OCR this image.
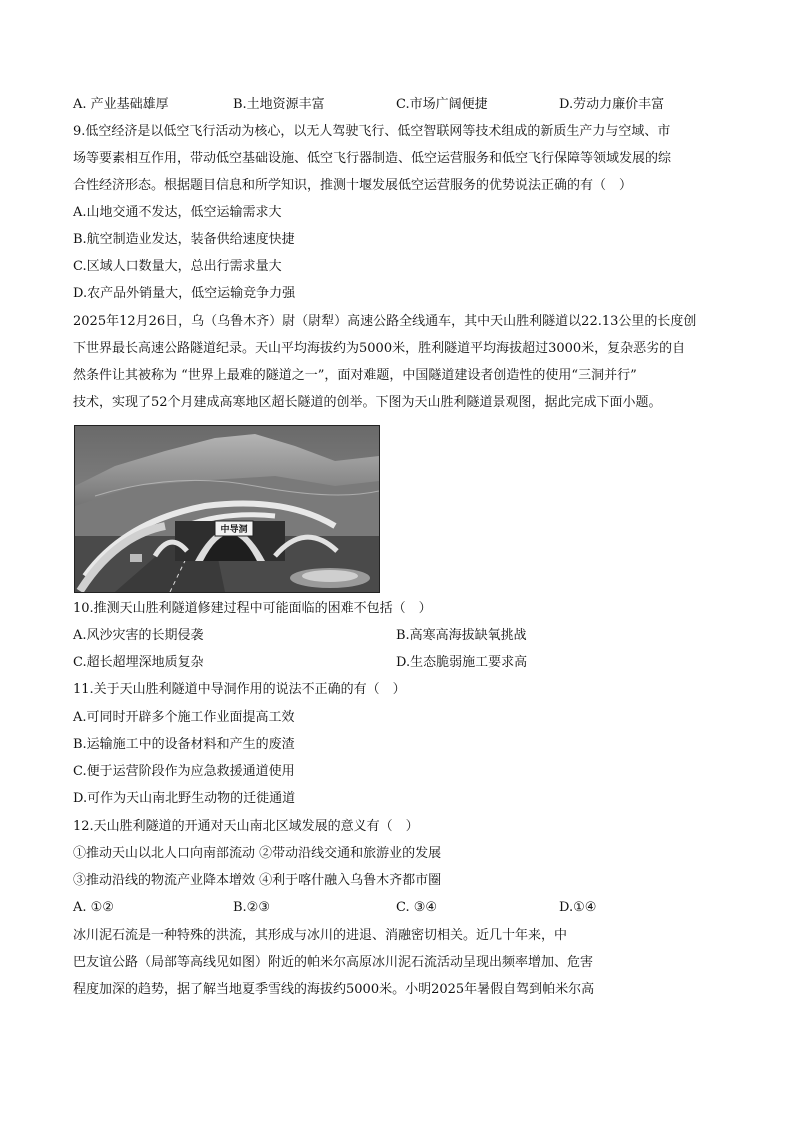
A. 产业基础雄厚	B.土地资源丰富	C.市场广阔便捷	D.劳动力廉价丰富
9.低空经济是以低空飞行活动为核心，以无人驾驶飞行、低空智联网等技术组成的新质生产力与空域、市
场等要素相互作用，带动低空基础设施、低空飞行器制造、低空运营服务和低空飞行保障等领域发展的综
合性经济形态。根据题目信息和所学知识，推测十堰发展低空运营服务的优势说法正确的有（　）
A.山地交通不发达，低空运输需求大
B.航空制造业发达，装备供给速度快捷
C.区域人口数量大，总出行需求量大
D.农产品外销量大，低空运输竞争力强
2025年12月26日，乌（乌鲁木齐）尉（尉犁）高速公路全线通车，其中天山胜利隧道以22.13公里的长度创
下世界最长高速公路隧道纪录。天山平均海拔约为5000米，胜利隧道平均海拔超过3000米，复杂恶劣的自
然条件让其被称为 “世界上最难的隧道之一”，面对难题，中国隧道建设者创造性的使用“三洞并行”
技术，实现了52个月建成高寒地区超长隧道的创举。下图为天山胜利隧道景观图，据此完成下面小题。
中导洞
10.推测天山胜利隧道修建过程中可能面临的困难不包括（　）
A.风沙灾害的长期侵袭	B.高寒高海拔缺氧挑战
C.超长超埋深地质复杂	D.生态脆弱施工要求高
11.关于天山胜利隧道中导洞作用的说法不正确的有（　）
A.可同时开辟多个施工作业面提高工效
B.运输施工中的设备材料和产生的废渣
C.便于运营阶段作为应急救援通道使用
D.可作为天山南北野生动物的迁徙通道
12.天山胜利隧道的开通对天山南北区域发展的意义有（　）
①推动天山以北人口向南部流动 ②带动沿线交通和旅游业的发展
③推动沿线的物流产业降本增效 ④利于喀什融入乌鲁木齐都市圈
A. ①②	B.②③	C. ③④	D.①④
冰川泥石流是一种特殊的洪流，其形成与冰川的进退、消融密切相关。近几十年来，中
巴友谊公路（局部等高线见如图）附近的帕米尔高原冰川泥石流活动呈现出频率增加、危害
程度加深的趋势，据了解当地夏季雪线的海拔约5000米。小明2025年暑假自驾到帕米尔高
